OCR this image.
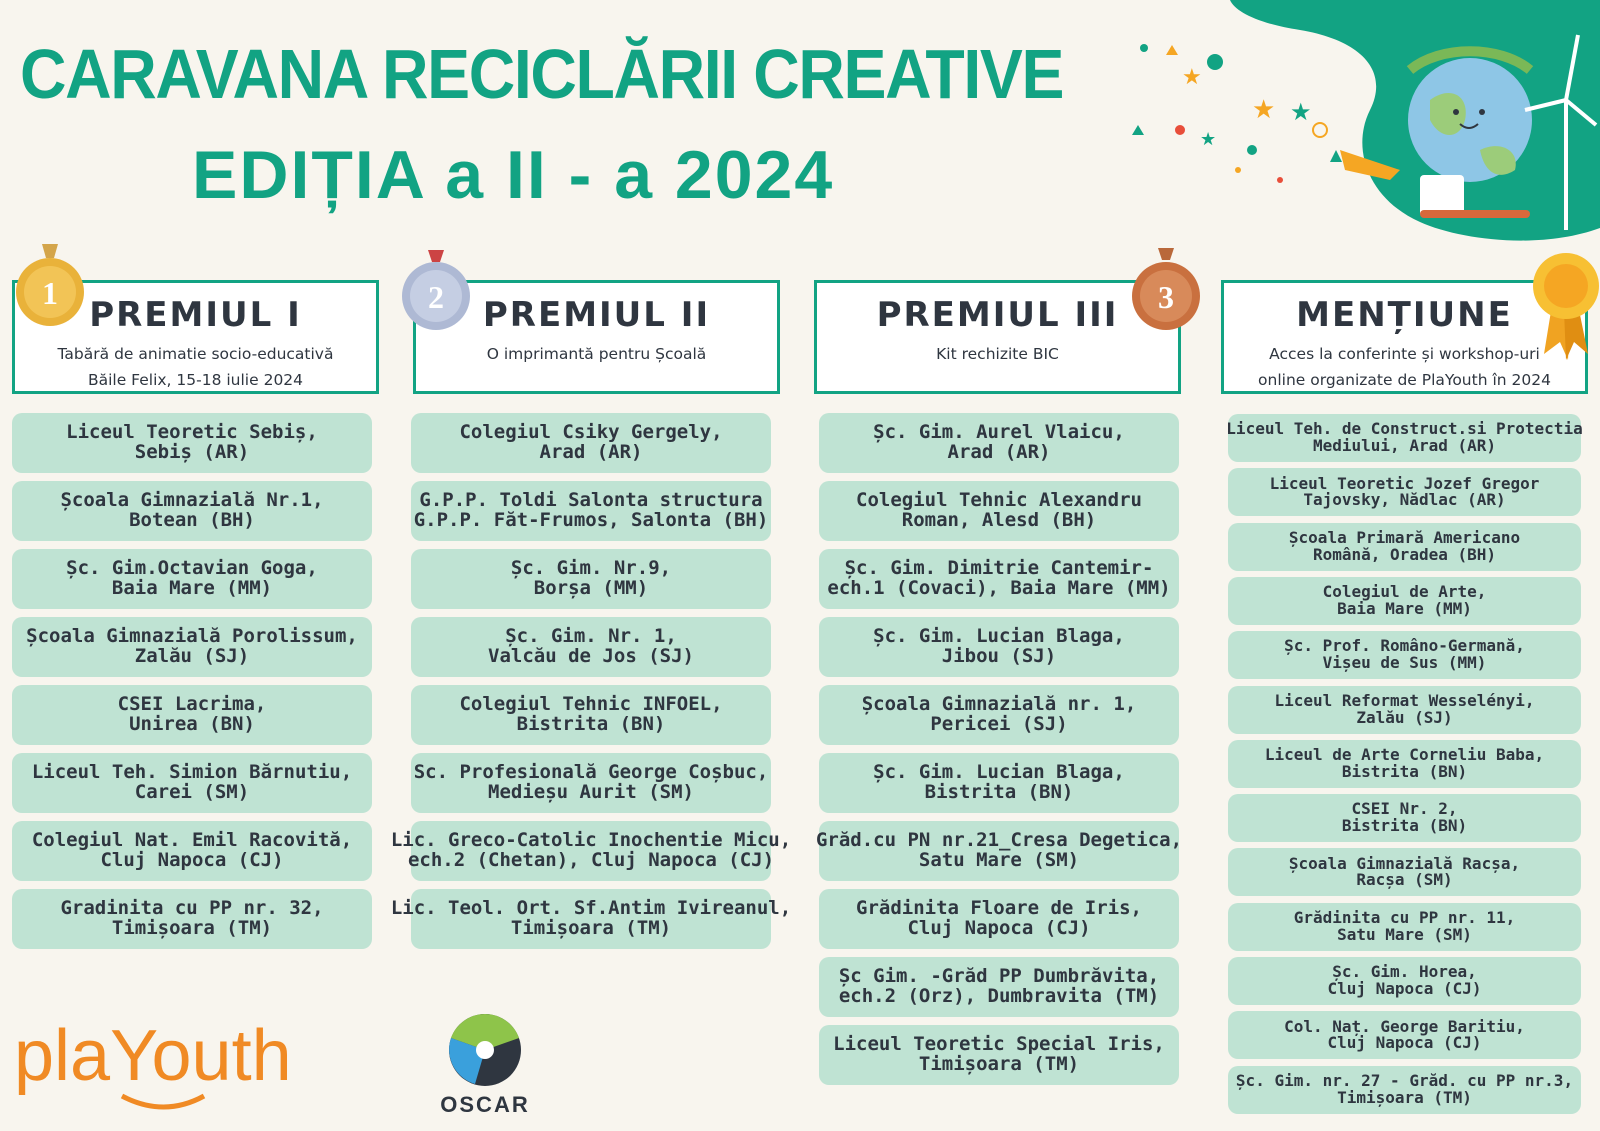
CARAVANA RECICLĂRII CREATIVE
EDIȚIA a II - a 2024
★
★ ★
★
PREMIUL I
Tabără de animatie socio-educativă
Băile Felix, 15-18 iulie 2024
PREMIUL II
O imprimantă pentru Școală
PREMIUL III
Kit rechizite BIC
MENȚIUNE
Acces la conferinte și workshop-uri
online organizate de PlaYouth în 2024
1	2	3
Liceul Teoretic Sebiș,
Sebiș (AR)
Școala Gimnazială Nr.1,
Botean (BH)
Șc. Gim.Octavian Goga,
Baia Mare (MM)
Școala Gimnazială Porolissum,
Zalău (SJ)
CSEI Lacrima,
Unirea (BN)
Liceul Teh. Simion Bărnutiu,
Carei (SM)
Colegiul Nat. Emil Racovită,
Cluj Napoca (CJ)
Gradinita cu PP nr. 32,
Timișoara (TM)
Colegiul Csiky Gergely,
Arad (AR)
G.P.P. Toldi Salonta structura
G.P.P. Făt-Frumos, Salonta (BH)
Șc. Gim. Nr.9,
Borșa (MM)
Șc. Gim. Nr. 1,
Valcău de Jos (SJ)
Colegiul Tehnic INFOEL,
Bistrita (BN)
Sc. Profesională George Coșbuc,
Medieșu Aurit (SM)
Lic. Greco-Catolic Inochentie Micu,
ech.2 (Chetan), Cluj Napoca (CJ)
Lic. Teol. Ort. Sf.Antim Ivireanul,
Timișoara (TM)
Șc. Gim. Aurel Vlaicu,
Arad (AR)
Colegiul Tehnic Alexandru
Roman, Alesd (BH)
Șc. Gim. Dimitrie Cantemir-
ech.1 (Covaci), Baia Mare (MM)
Șc. Gim. Lucian Blaga,
Jibou (SJ)
Școala Gimnazială nr. 1,
Pericei (SJ)
Șc. Gim. Lucian Blaga,
Bistrita (BN)
Grăd.cu PN nr.21_Cresa Degetica,
Satu Mare (SM)
Grădinita Floare de Iris,
Cluj Napoca (CJ)
Șc Gim. -Grăd PP Dumbrăvita,
ech.2 (Orz), Dumbravita (TM)
Liceul Teoretic Special Iris,
Timișoara (TM)
Liceul Teh. de Construct.si Protectia
Mediului, Arad (AR)
Liceul Teoretic Jozef Gregor
Tajovsky, Nădlac (AR)
Școala Primară Americano
Română, Oradea (BH)
Colegiul de Arte,
Baia Mare (MM)
Șc. Prof. Româno-Germană,
Vișeu de Sus (MM)
Liceul Reformat Wesselényi,
Zalău (SJ)
Liceul de Arte Corneliu Baba,
Bistrita (BN)
CSEI Nr. 2,
Bistrita (BN)
Școala Gimnazială Racșa,
Racșa (SM)
Grădinita cu PP nr. 11,
Satu Mare (SM)
Șc. Gim. Horea,
Cluj Napoca (CJ)
Col. Naț. George Baritiu,
Cluj Napoca (CJ)
Șc. Gim. nr. 27 - Grăd. cu PP nr.3,
Timișoara (TM)
plaYouth
OSCAR
